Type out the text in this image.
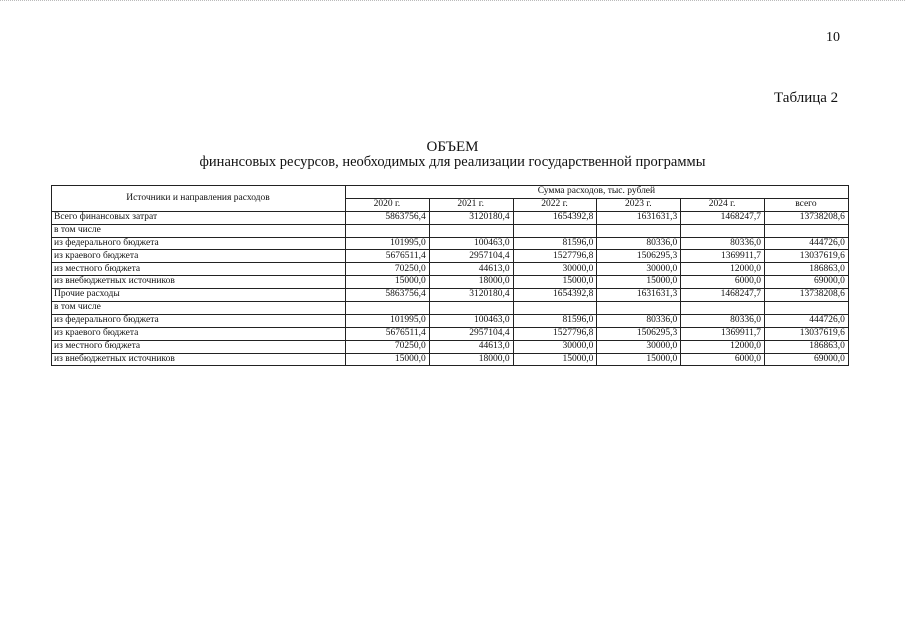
10
Таблица 2
ОБЪЕМ
финансовых ресурсов, необходимых для реализации государственной программы
Источники и направления расходов	Сумма расходов, тыс. рублей					
	2020 г.	2021 г.	2022 г.	2023 г.	2024 г.	всего
Всего финансовых затрат	5863756,4	3120180,4	1654392,8	1631631,3	1468247,7	13738208,6
в том числе						
из федерального бюджета	101995,0	100463,0	81596,0	80336,0	80336,0	444726,0
из краевого бюджета	5676511,4	2957104,4	1527796,8	1506295,3	1369911,7	13037619,6
из местного бюджета	70250,0	44613,0	30000,0	30000,0	12000,0	186863,0
из внебюджетных источников	15000,0	18000,0	15000,0	15000,0	6000,0	69000,0
Прочие расходы	5863756,4	3120180,4	1654392,8	1631631,3	1468247,7	13738208,6
в том числе						
из федерального бюджета	101995,0	100463,0	81596,0	80336,0	80336,0	444726,0
из краевого бюджета	5676511,4	2957104,4	1527796,8	1506295,3	1369911,7	13037619,6
из местного бюджета	70250,0	44613,0	30000,0	30000,0	12000,0	186863,0
из внебюджетных источников	15000,0	18000,0	15000,0	15000,0	6000,0	69000,0
